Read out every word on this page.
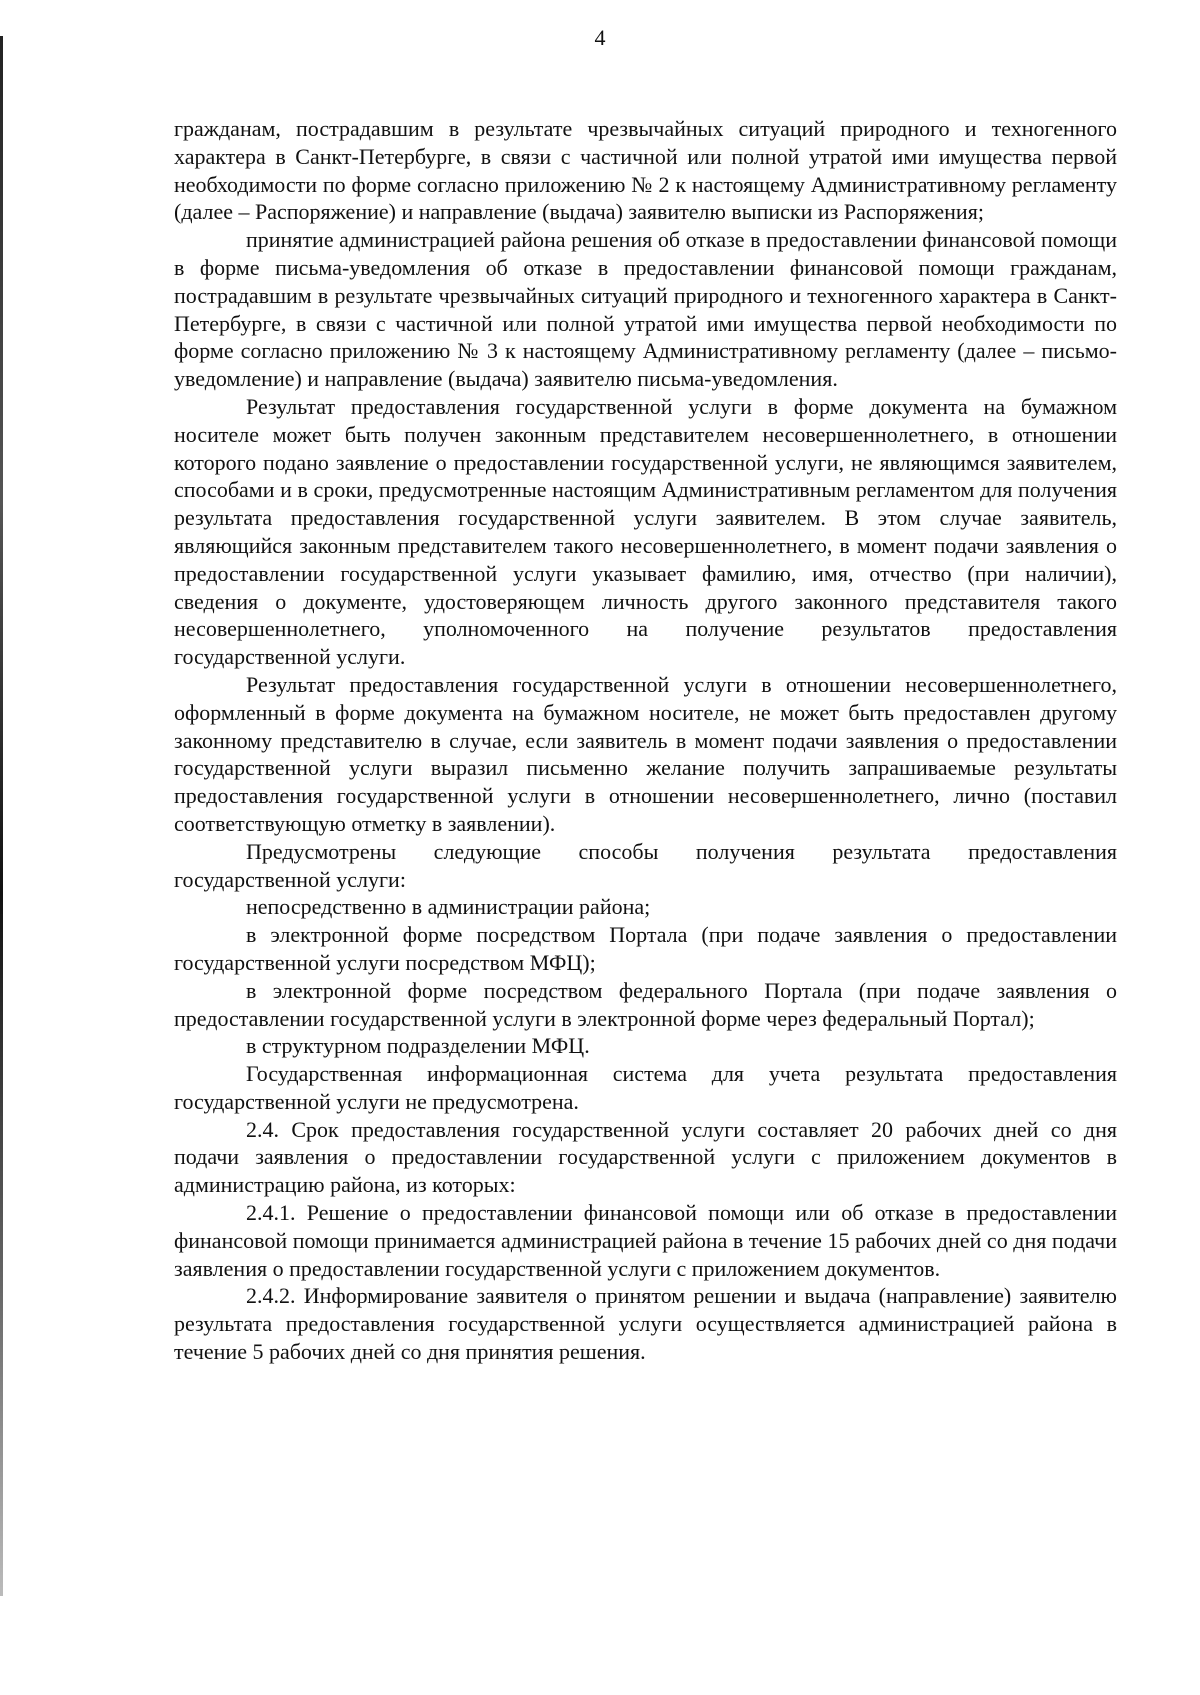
4

гражданам, пострадавшим в результате чрезвычайных ситуаций природного и техногенного характера в Санкт-Петербурге, в связи с частичной или полной утратой ими имущества первой необходимости по форме согласно приложению № 2 к настоящему Административному регламенту (далее – Распоряжение) и направление (выдача) заявителю выписки из Распоряжения;

принятие администрацией района решения об отказе в предоставлении финансовой помощи в форме письма-уведомления об отказе в предоставлении финансовой помощи гражданам, пострадавшим в результате чрезвычайных ситуаций природного и техногенного характера в Санкт-Петербурге, в связи с частичной или полной утратой ими имущества первой необходимости по форме согласно приложению № 3 к настоящему Административному регламенту (далее – письмо-уведомление) и направление (выдача) заявителю письма-уведомления.

Результат предоставления государственной услуги в форме документа на бумажном носителе может быть получен законным представителем несовершеннолетнего, в отношении которого подано заявление о предоставлении государственной услуги, не являющимся заявителем, способами и в сроки, предусмотренные настоящим Административным регламентом для получения результата предоставления государственной услуги заявителем. В этом случае заявитель, являющийся законным представителем такого несовершеннолетнего, в момент подачи заявления о предоставлении государственной услуги указывает фамилию, имя, отчество (при наличии), сведения о документе, удостоверяющем личность другого законного представителя такого несовершеннолетнего, уполномоченного на получение результатов предоставления государственной услуги.

Результат предоставления государственной услуги в отношении несовершеннолетнего, оформленный в форме документа на бумажном носителе, не может быть предоставлен другому законному представителю в случае, если заявитель в момент подачи заявления о предоставлении государственной услуги выразил письменно желание получить запрашиваемые результаты предоставления государственной услуги в отношении несовершеннолетнего, лично (поставил соответствующую отметку в заявлении).

Предусмотрены следующие способы получения результата предоставления государственной услуги:

непосредственно в администрации района;

в электронной форме посредством Портала (при подаче заявления о предоставлении государственной услуги посредством МФЦ);

в электронной форме посредством федерального Портала (при подаче заявления о предоставлении государственной услуги в электронной форме через федеральный Портал);

в структурном подразделении МФЦ.

Государственная информационная система для учета результата предоставления государственной услуги не предусмотрена.

2.4. Срок предоставления государственной услуги составляет 20 рабочих дней со дня подачи заявления о предоставлении государственной услуги с приложением документов в администрацию района, из которых:

2.4.1. Решение о предоставлении финансовой помощи или об отказе в предоставлении финансовой помощи принимается администрацией района в течение 15 рабочих дней со дня подачи заявления о предоставлении государственной услуги с приложением документов.

2.4.2. Информирование заявителя о принятом решении и выдача (направление) заявителю результата предоставления государственной услуги осуществляется администрацией района в течение 5 рабочих дней со дня принятия решения.
